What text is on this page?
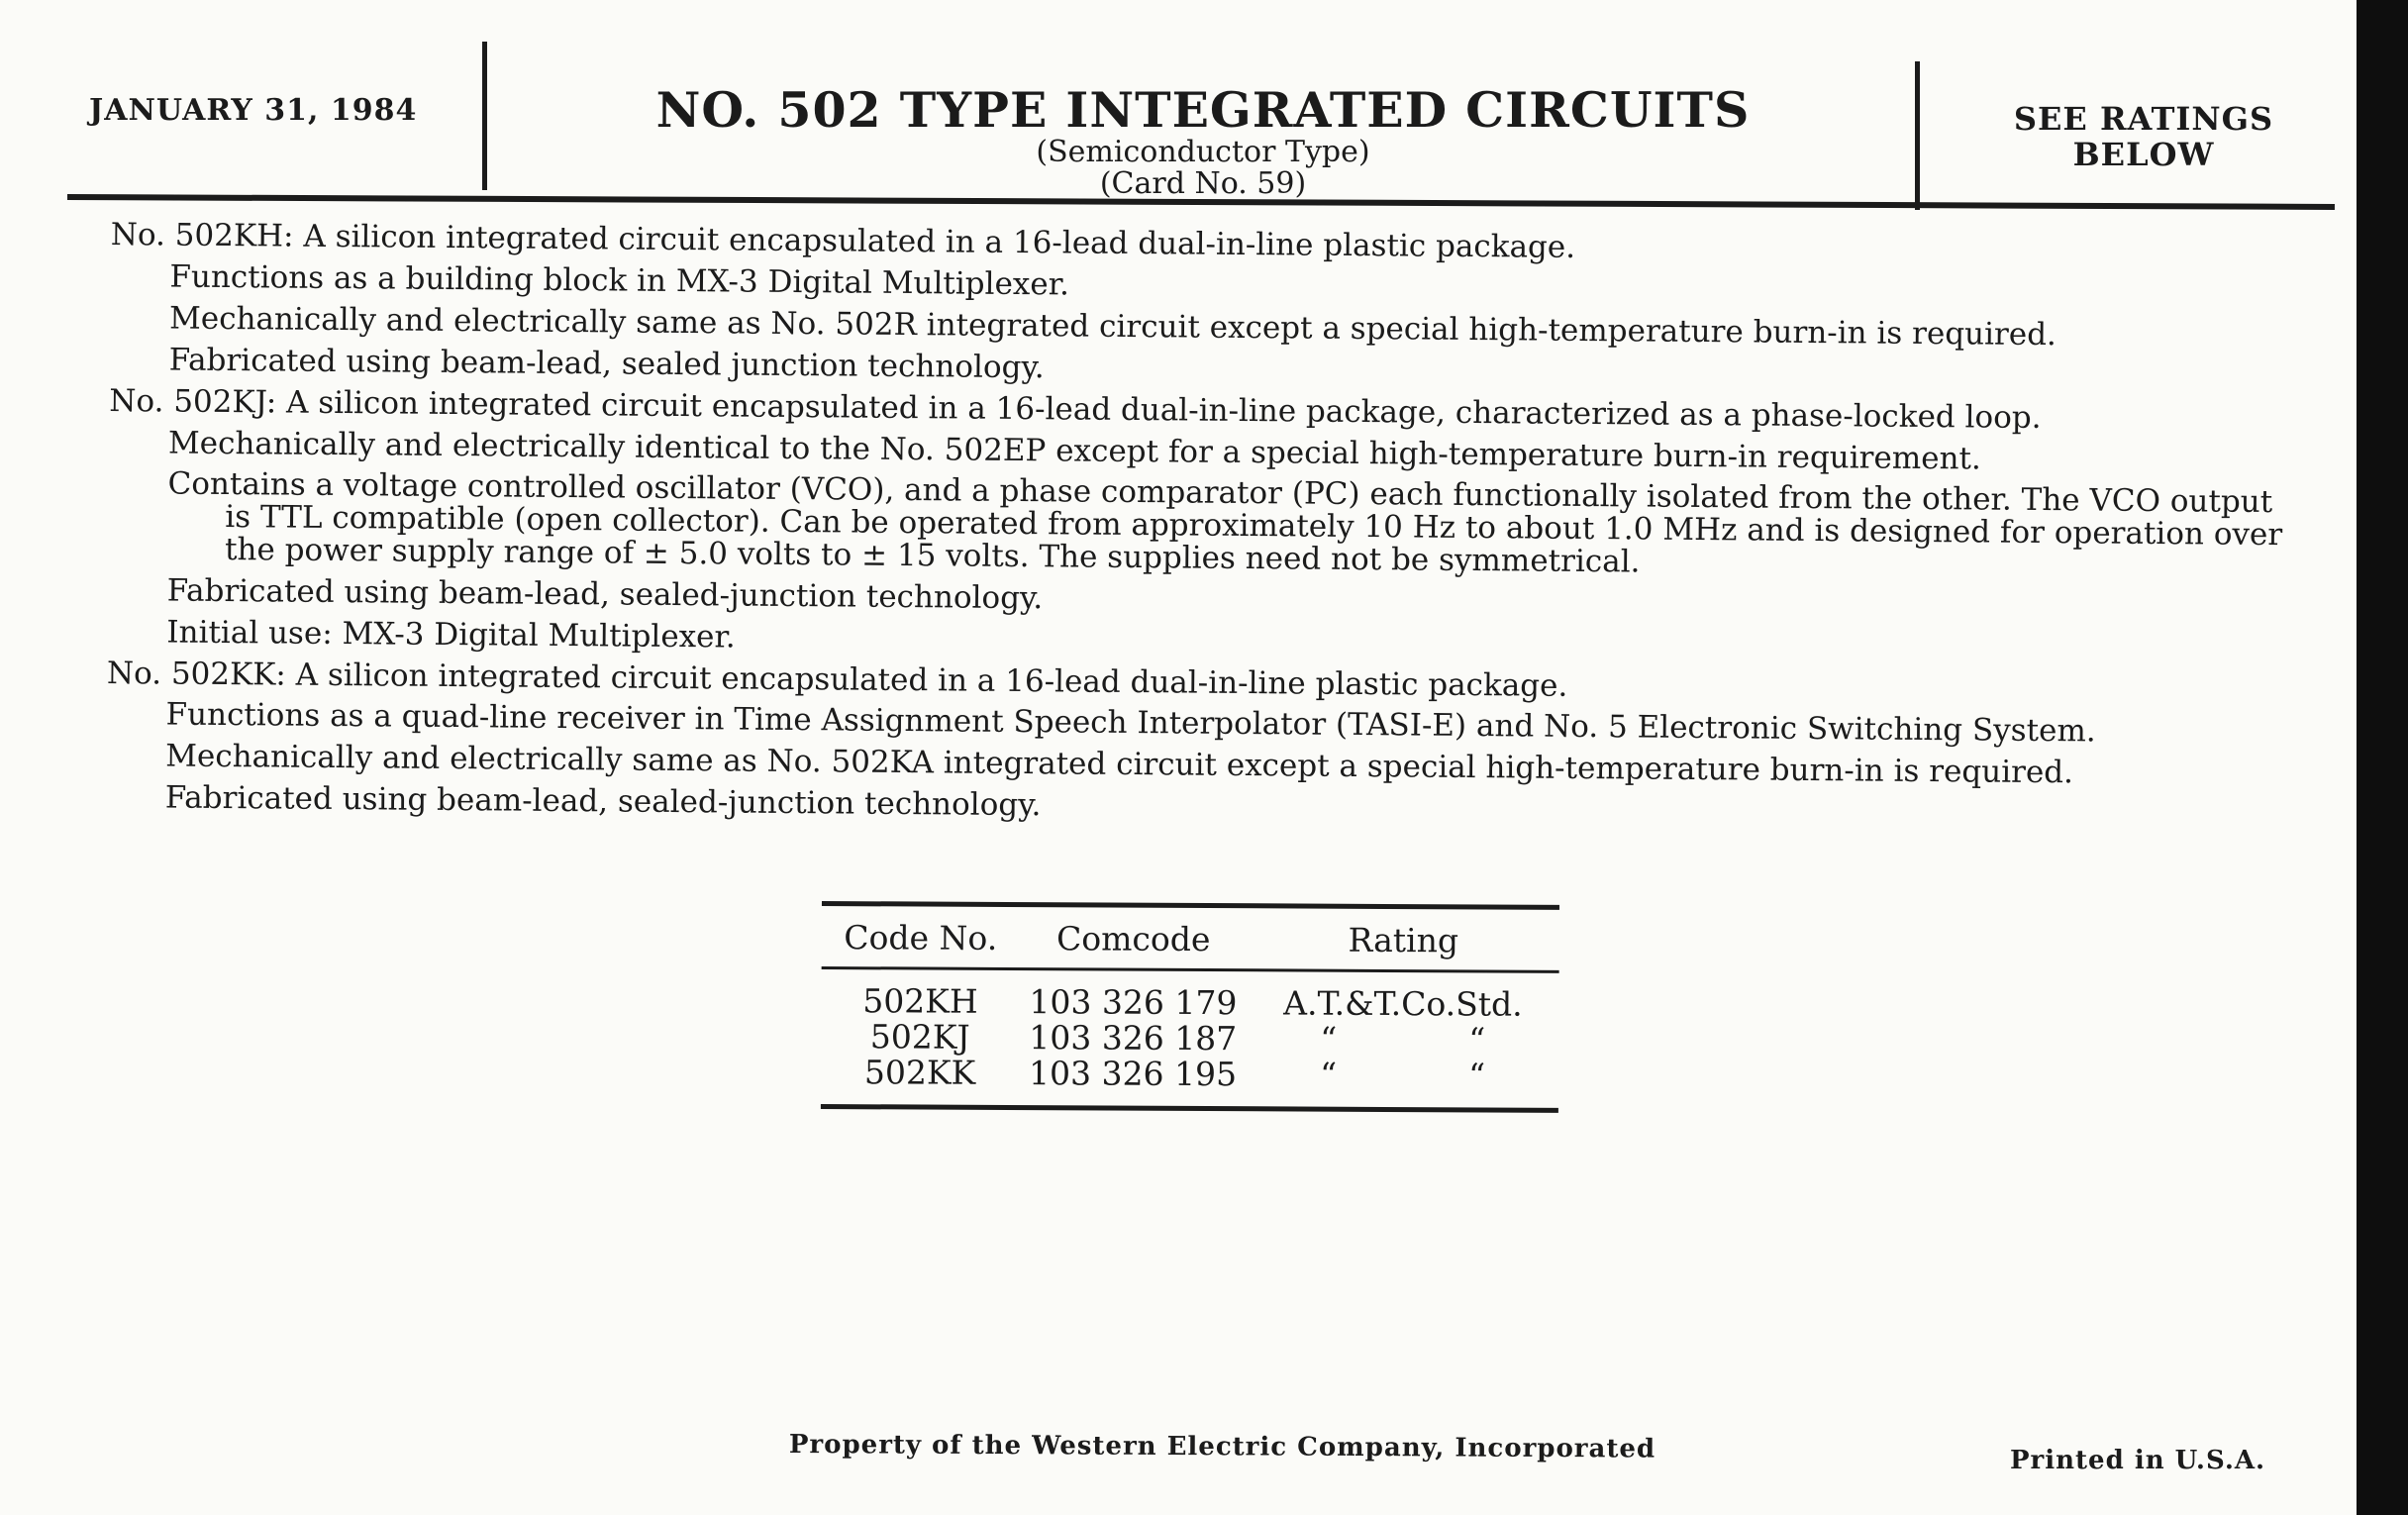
JANUARY 31, 1984	NO. 502 TYPE INTEGRATED CIRCUITS
(Semiconductor Type)
(Card No. 59)
SEE RATINGS
BELOW
No. 502KH: A silicon integrated circuit encapsulated in a 16-lead dual-in-line plastic package.
Functions as a building block in MX-3 Digital Multiplexer.
Mechanically and electrically same as No. 502R integrated circuit except a special high-temperature burn-in is required.
Fabricated using beam-lead, sealed junction technology.
No. 502KJ: A silicon integrated circuit encapsulated in a 16-lead dual-in-line package, characterized as a phase-locked loop.
Mechanically and electrically identical to the No. 502EP except for a special high-temperature burn-in requirement.
Contains a voltage controlled oscillator (VCO), and a phase comparator (PC) each functionally isolated from the other. The VCO output is TTL compatible (open collector). Can be operated from approximately 10 Hz to about 1.0 MHz and is designed for operation over the power supply range of ± 5.0 volts to ± 15 volts. The supplies need not be symmetrical.
Fabricated using beam-lead, sealed-junction technology.
Initial use: MX-3 Digital Multiplexer.
No. 502KK: A silicon integrated circuit encapsulated in a 16-lead dual-in-line plastic package.
Functions as a quad-line receiver in Time Assignment Speech Interpolator (TASI-E) and No. 5 Electronic Switching System.
Mechanically and electrically same as No. 502KA integrated circuit except a special high-temperature burn-in is required.
Fabricated using beam-lead, sealed-junction technology.
Code No.	Comcode	Rating
502KH	103 326 179	A.T.&T.Co.Std.
502KJ	103 326 187	“ “
502KK	103 326 195	“ “
Property of the Western Electric Company, Incorporated	Printed in U.S.A.
